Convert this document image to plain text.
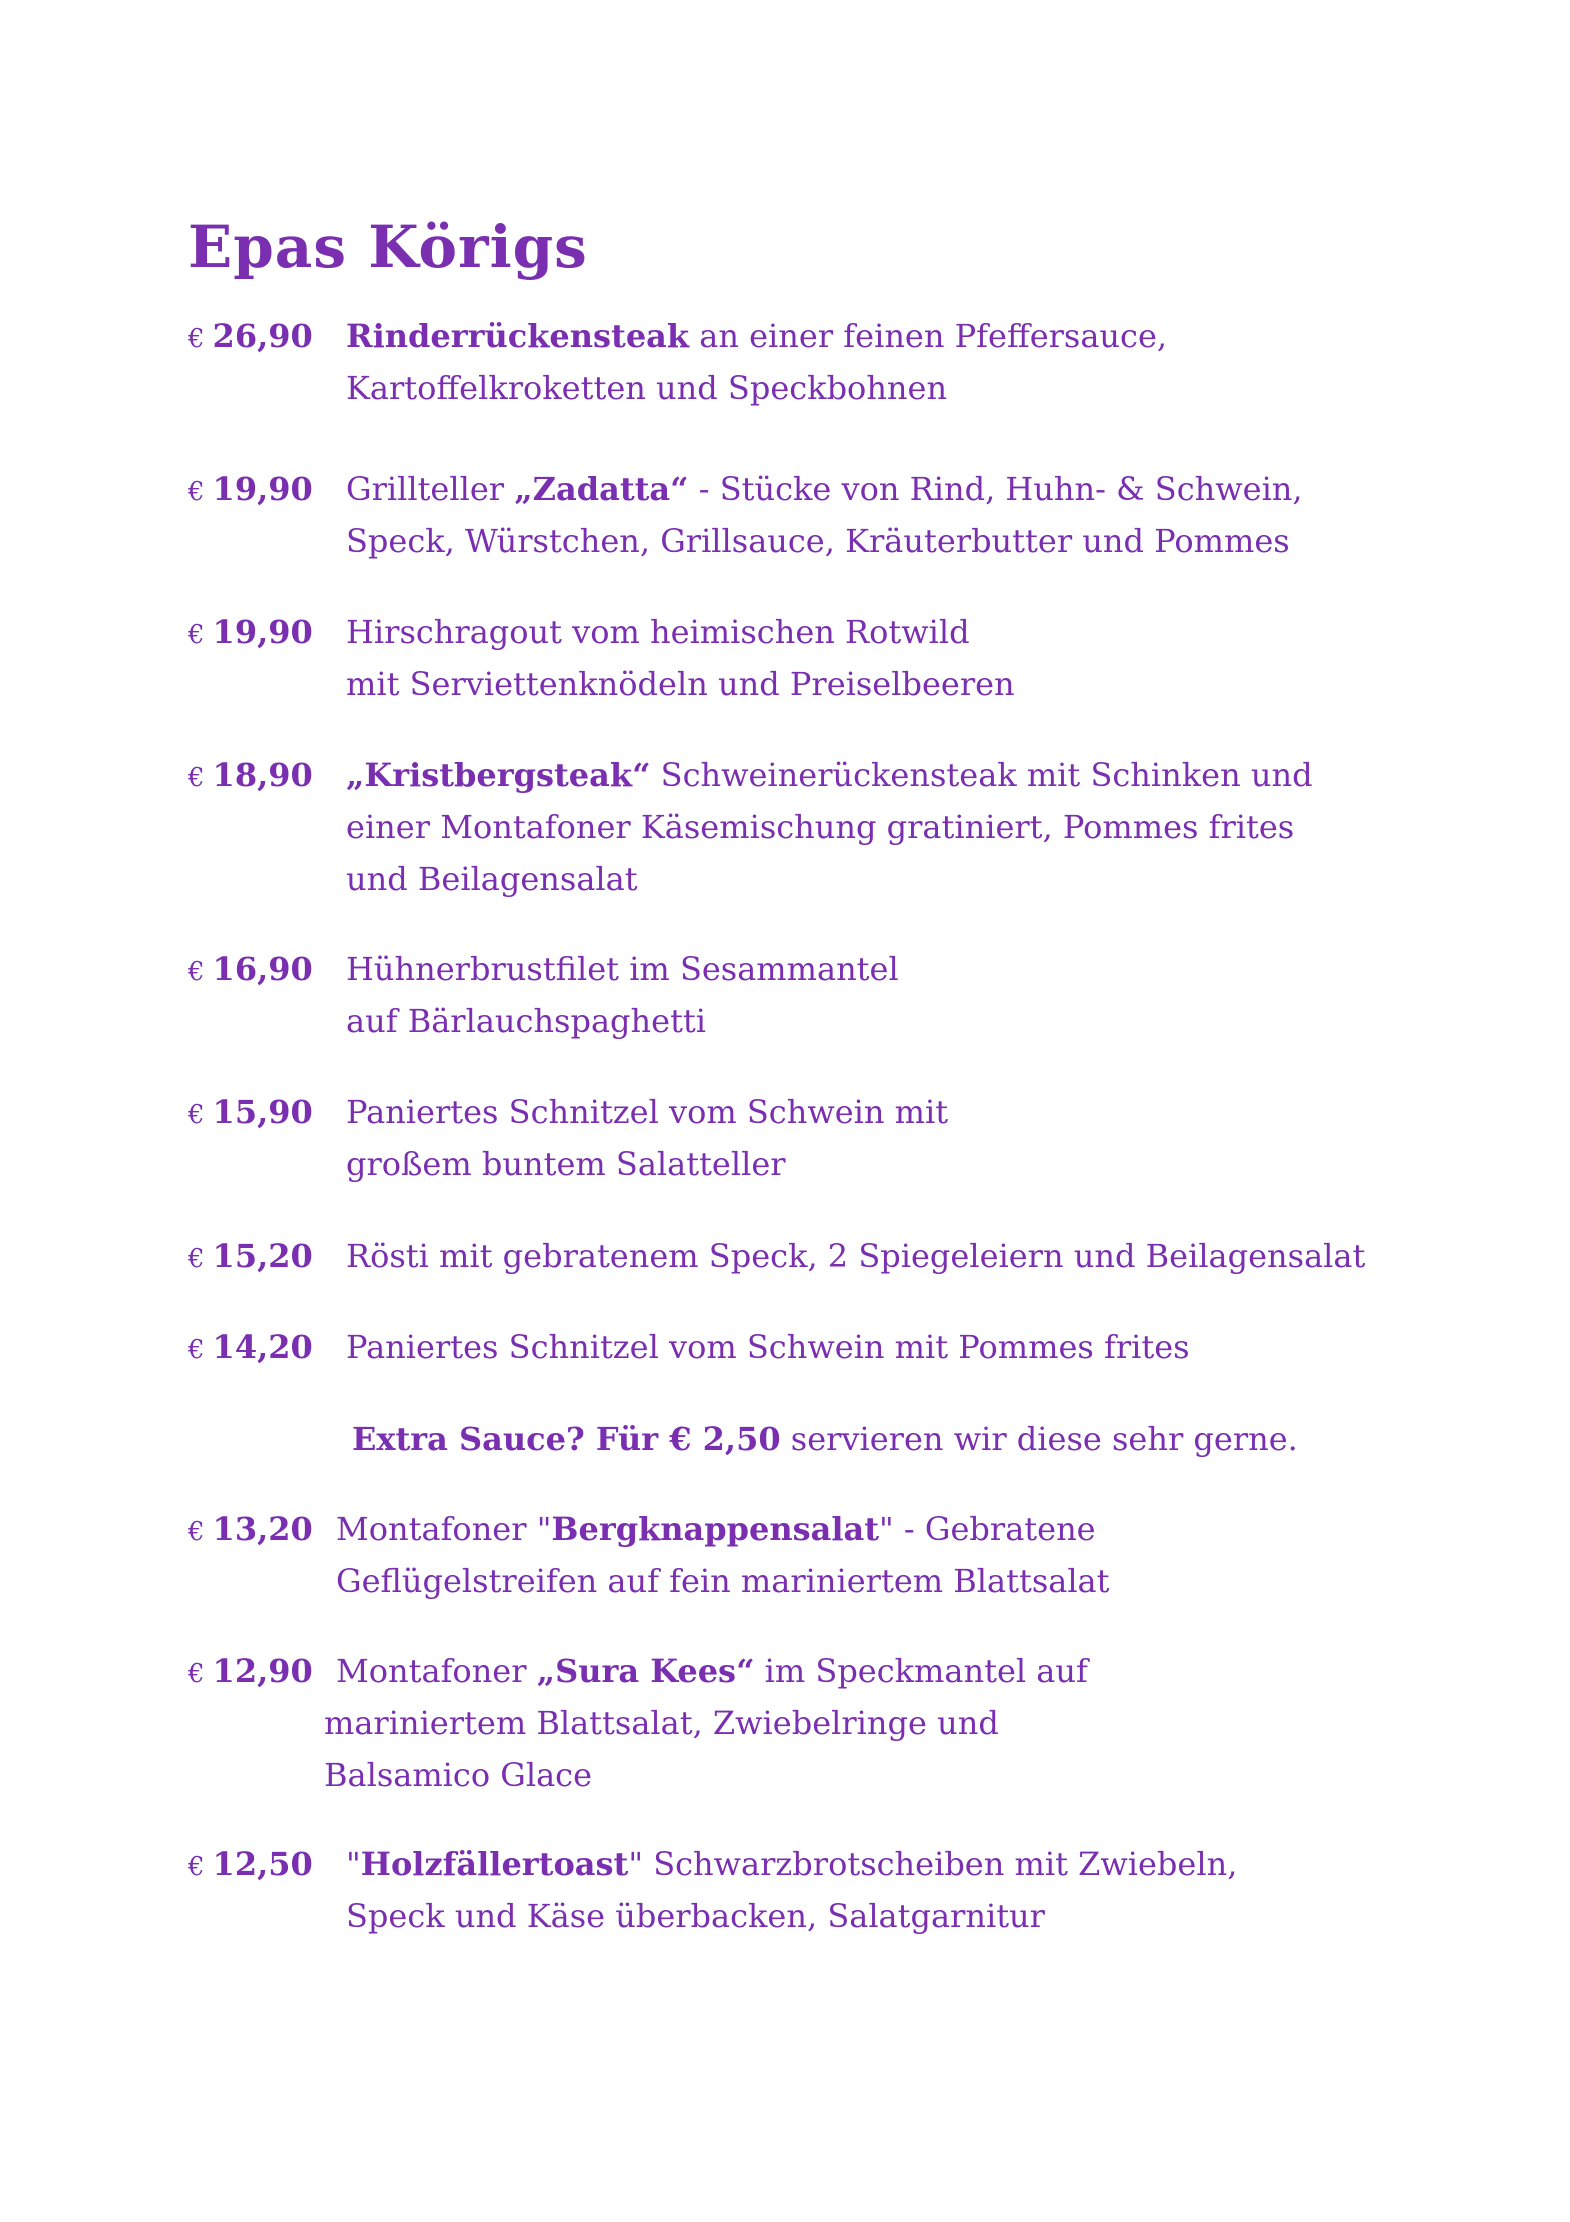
Epas Körigs
€ 26,90 Rinderrückensteak an einer feinen Pfeffersauce,
Kartoffelkroketten und Speckbohnen
€ 19,90 Grillteller „Zadatta“ - Stücke von Rind, Huhn- & Schwein,
Speck, Würstchen, Grillsauce, Kräuterbutter und Pommes
€ 19,90 Hirschragout vom heimischen Rotwild
mit Serviettenknödeln und Preiselbeeren
€ 18,90 „Kristbergsteak“ Schweinerückensteak mit Schinken und
einer Montafoner Käsemischung gratiniert, Pommes frites
und Beilagensalat
€ 16,90 Hühnerbrustfilet im Sesammantel
auf Bärlauchspaghetti
€ 15,90 Paniertes Schnitzel vom Schwein mit
großem buntem Salatteller
€ 15,20 Rösti mit gebratenem Speck, 2 Spiegeleiern und Beilagensalat
€ 14,20 Paniertes Schnitzel vom Schwein mit Pommes frites
Extra Sauce? Für € 2,50 servieren wir diese sehr gerne.
€ 13,20 Montafoner "Bergknappensalat" - Gebratene
Geflügelstreifen auf fein mariniertem Blattsalat
€ 12,90 Montafoner „Sura Kees“ im Speckmantel auf
mariniertem Blattsalat, Zwiebelringe und
Balsamico Glace
€ 12,50 "Holzfällertoast" Schwarzbrotscheiben mit Zwiebeln,
Speck und Käse überbacken, Salatgarnitur
